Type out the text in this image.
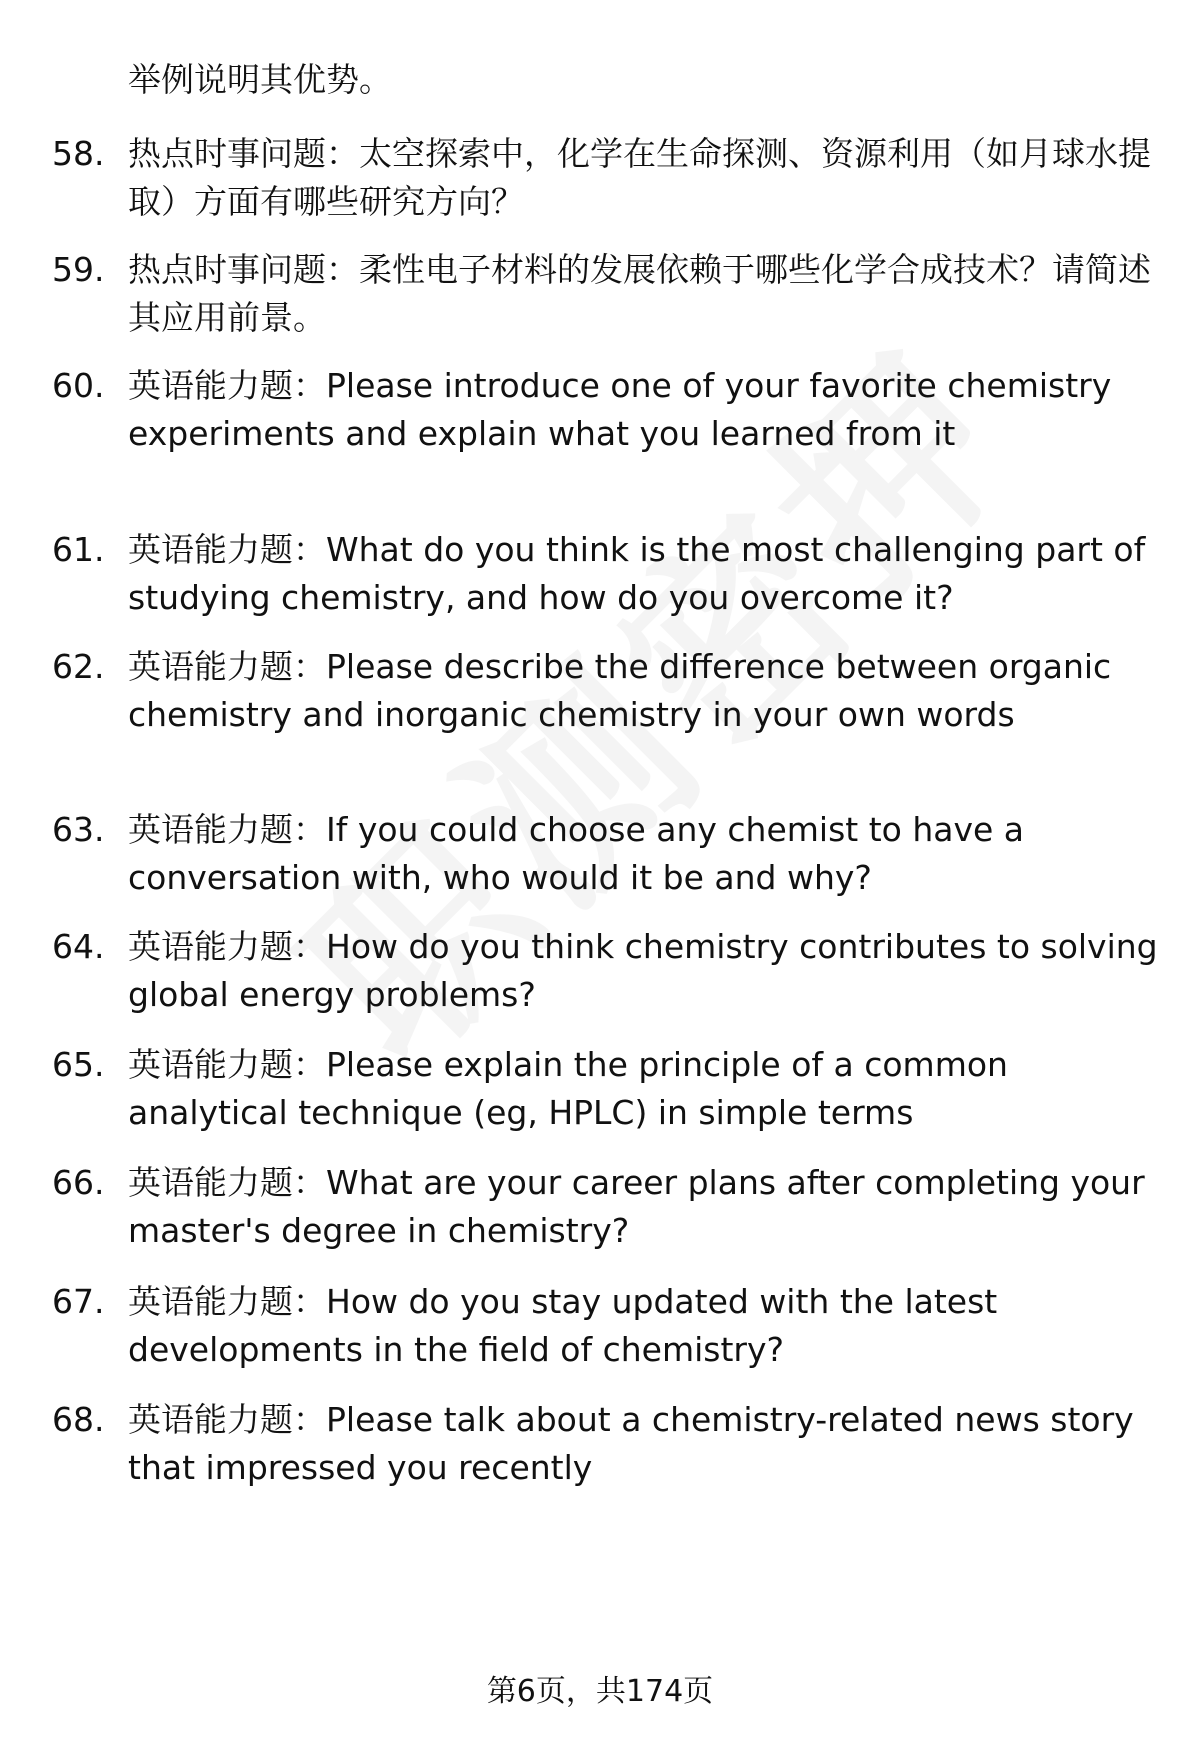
举例说明其优势。
58. 热点时事问题：太空探索中，化学在生命探测、资源利用（如月球水提取）方面有哪些研究方向？
59. 热点时事问题：柔性电子材料的发展依赖于哪些化学合成技术？请简述其应用前景。
60. 英语能力题：Please introduce one of your favorite chemistry experiments and explain what you learned from it
61. 英语能力题：What do you think is the most challenging part of studying chemistry, and how do you overcome it?
62. 英语能力题：Please describe the difference between organic chemistry and inorganic chemistry in your own words
63. 英语能力题：If you could choose any chemist to have a conversation with, who would it be and why?
64. 英语能力题：How do you think chemistry contributes to solving global energy problems?
65. 英语能力题：Please explain the principle of a common analytical technique (eg, HPLC) in simple terms
66. 英语能力题：What are your career plans after completing your master's degree in chemistry?
67. 英语能力题：How do you stay updated with the latest developments in the field of chemistry?
68. 英语能力题：Please talk about a chemistry-related news story that impressed you recently
第6页，共174页
